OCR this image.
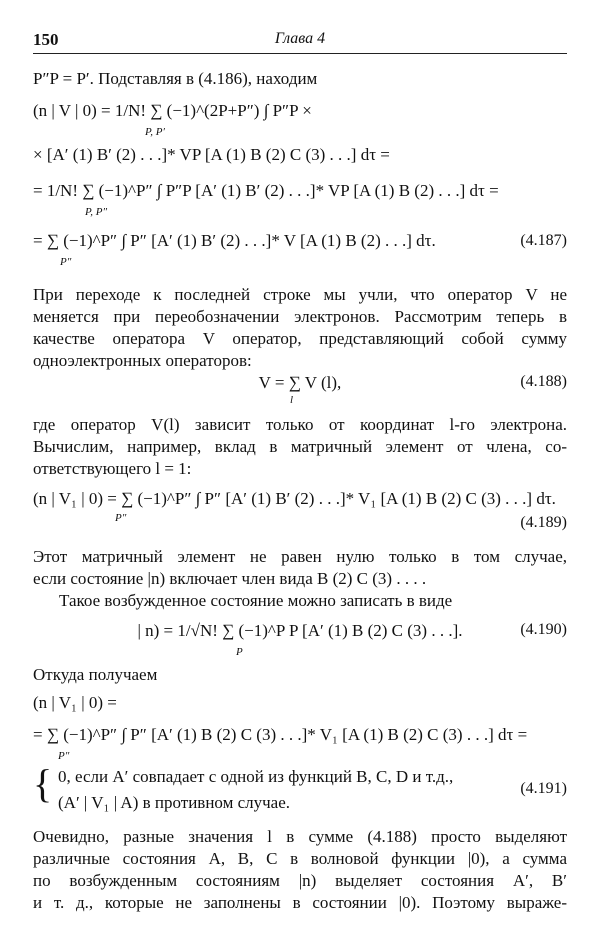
150	Глава 4
P″P = P′. Подставляя в (4.186), находим
(n | V | 0) = 1/N! ∑ (−1)^(2P+P″) ∫ P″P ×
P, P′
× [A′ (1) B′ (2) . . .]* VP [A (1) B (2) C (3) . . .] dτ =
= 1/N! ∑ (−1)^P″ ∫ P″P [A′ (1) B′ (2) . . .]* VP [A (1) B (2) . . .] dτ =
P, P″
= ∑ (−1)^P″ ∫ P″ [A′ (1) B′ (2) . . .]* V [A (1) B (2) . . .] dτ.
P″
(4.187)
При переходе к последней строке мы учли, что оператор V не
меняется при переобозначении электронов. Рассмотрим теперь в
качестве оператора V оператор, представляющий собой сумму
одноэлектронных операторов:
V = ∑ V (l),
l
(4.188)
где оператор V(l) зависит только от координат l-го электрона.
Вычислим, например, вклад в матричный элемент от члена, со-
ответствующего l = 1:
(n | V₁ | 0) = ∑ (−1)^P″ ∫ P″ [A′ (1) B′ (2) . . .]* V₁ [A (1) B (2) C (3) . . .] dτ.
P″	(4.189)
Этот матричный элемент не равен нулю только в том случае,
если состояние |n) включает член вида B (2) C (3) . . . .
Такое возбужденное состояние можно записать в виде
| n) = 1/√N! ∑ (−1)^P P [A′ (1) B (2) C (3) . . .].
P
(4.190)
Откуда получаем
(n | V₁ | 0) =
= ∑ (−1)^P″ ∫ P″ [A′ (1) B (2) C (3) . . .]* V₁ [A (1) B (2) C (3) . . .] dτ =
P″
{ 0, если A′ совпадает с одной из функций B, C, D и т.д.,
(A′ | V₁ | A) в противном случае.
(4.191)
Очевидно, разные значения l в сумме (4.188) просто выделяют
различные состояния A, B, C в волновой функции |0), а сумма
по возбужденным состояниям |n) выделяет состояния A′, B′
и т. д., которые не заполнены в состоянии |0). Поэтому выраже-
